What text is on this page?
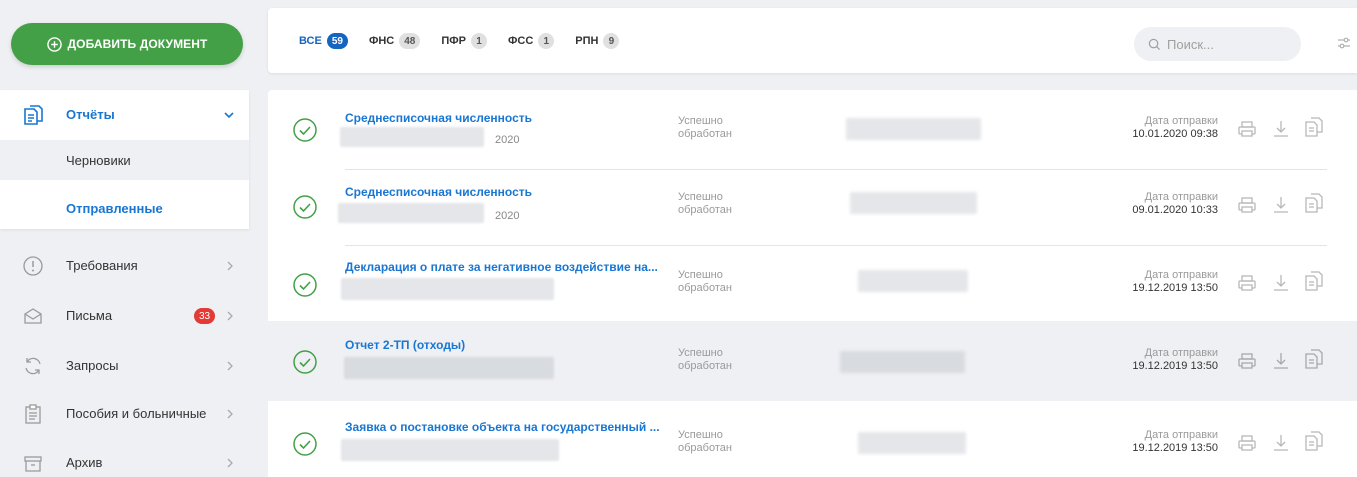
ДОБАВИТЬ ДОКУМЕНТ
Отчёты
Черновики
Отправленные
Требования
Письма	33
Запросы
Пособия и больничные
Архив
ВСЕ	59	ФНС	48	ПФР	1	ФСС	1	РПН	9
Поиск...
Среднесписочная численность
2020
Успешно
обработан
Дата отправки
10.01.2020 09:38
Среднесписочная численность
2020
Успешно
обработан
Дата отправки
09.01.2020 10:33
Декларация о плате за негативное воздействие на...
Успешно
обработан
Дата отправки
19.12.2019 13:50
Отчет 2-ТП (отходы)
Успешно
обработан
Дата отправки
19.12.2019 13:50
Заявка о постановке объекта на государственный ...
Успешно
обработан
Дата отправки
19.12.2019 13:50
